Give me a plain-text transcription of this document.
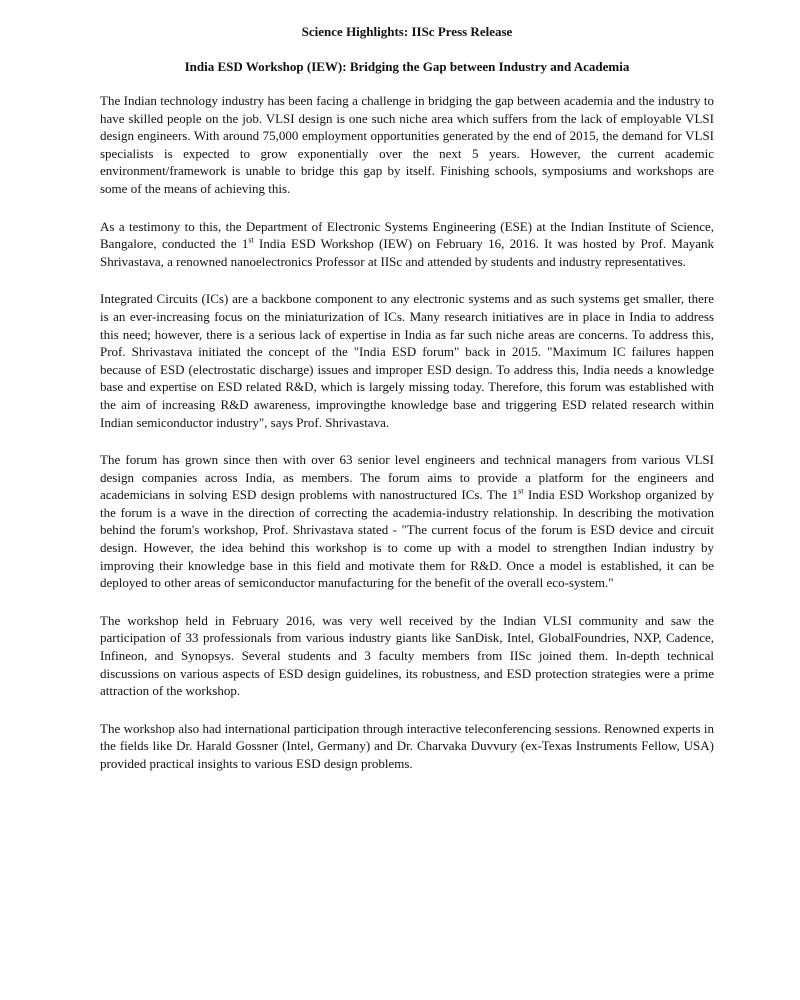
Science Highlights: IISc Press Release

India ESD Workshop (IEW): Bridging the Gap between Industry and Academia

The Indian technology industry has been facing a challenge in bridging the gap between academia and the industry to have skilled people on the job. VLSI design is one such niche area which suffers from the lack of employable VLSI design engineers. With around 75,000 employment opportunities generated by the end of 2015, the demand for VLSI specialists is expected to grow exponentially over the next 5 years. However, the current academic environment/framework is unable to bridge this gap by itself. Finishing schools, symposiums and workshops are some of the means of achieving this.

As a testimony to this, the Department of Electronic Systems Engineering (ESE) at the Indian Institute of Science, Bangalore, conducted the 1st India ESD Workshop (IEW) on February 16, 2016. It was hosted by Prof. Mayank Shrivastava, a renowned nanoelectronics Professor at IISc and attended by students and industry representatives.

Integrated Circuits (ICs) are a backbone component to any electronic systems and as such systems get smaller, there is an ever-increasing focus on the miniaturization of ICs. Many research initiatives are in place in India to address this need; however, there is a serious lack of expertise in India as far such niche areas are concerns. To address this, Prof. Shrivastava initiated the concept of the "India ESD forum" back in 2015. "Maximum IC failures happen because of ESD (electrostatic discharge) issues and improper ESD design. To address this, India needs a knowledge base and expertise on ESD related R&D, which is largely missing today. Therefore, this forum was established with the aim of increasing R&D awareness, improvingthe knowledge base and triggering ESD related research within Indian semiconductor industry", says Prof. Shrivastava.

The forum has grown since then with over 63 senior level engineers and technical managers from various VLSI design companies across India, as members. The forum aims to provide a platform for the engineers and academicians in solving ESD design problems with nanostructured ICs. The 1st India ESD Workshop organized by the forum is a wave in the direction of correcting the academia-industry relationship. In describing the motivation behind the forum's workshop, Prof. Shrivastava stated - "The current focus of the forum is ESD device and circuit design. However, the idea behind this workshop is to come up with a model to strengthen Indian industry by improving their knowledge base in this field and motivate them for R&D. Once a model is established, it can be deployed to other areas of semiconductor manufacturing for the benefit of the overall eco-system."

The workshop held in February 2016, was very well received by the Indian VLSI community and saw the participation of 33 professionals from various industry giants like SanDisk, Intel, GlobalFoundries, NXP, Cadence, Infineon, and Synopsys. Several students and 3 faculty members from IISc joined them. In-depth technical discussions on various aspects of ESD design guidelines, its robustness, and ESD protection strategies were a prime attraction of the workshop.

The workshop also had international participation through interactive teleconferencing sessions. Renowned experts in the fields like Dr. Harald Gossner (Intel, Germany) and Dr. Charvaka Duvvury (ex-Texas Instruments Fellow, USA) provided practical insights to various ESD design problems.
